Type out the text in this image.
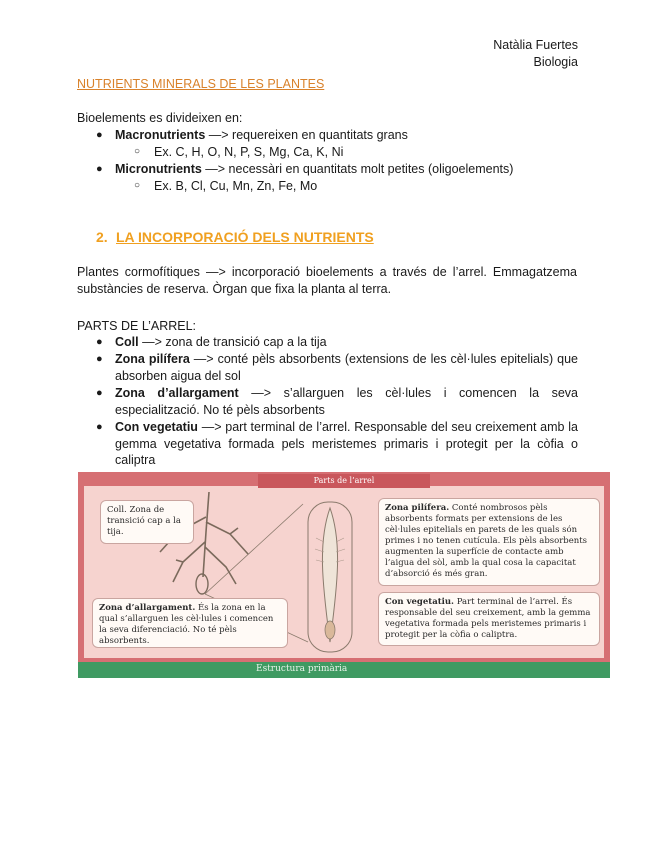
Natàlia Fuertes
Biologia
NUTRIENTS MINERALS DE LES PLANTES
Bioelements es divideixen en:
● Macronutrients —> requereixen en quantitats grans
○ Ex. C, H, O, N, P, S, Mg, Ca, K, Ni
● Micronutrients —> necessàri en quantitats molt petites (oligoelements)
○ Ex. B, Cl, Cu, Mn, Zn, Fe, Mo
2. LA INCORPORACIÓ DELS NUTRIENTS
Plantes cormofítiques —> incorporació bioelements a través de l’arrel. Emmagatzema substàncies de reserva. Òrgan que fixa la planta al terra.
PARTS DE L’ARREL:
● Coll —> zona de transició cap a la tija
● Zona pilífera —> conté pèls absorbents (extensions de les cèl·lules epitelials) que absorben aigua del sol
● Zona d’allargament —> s’allarguen les cèl·lules i comencen la seva especialització. No té pèls absorbents
● Con vegetatiu —> part terminal de l’arrel. Responsable del seu creixement amb la gemma vegetativa formada pels meristemes primaris i protegit per la còfia o caliptra
Parts de l’arrel
Coll. Zona de transició cap a la tija.
Zona d’allargament. És la zona en la qual s’allarguen les cèl·lules i comencen la seva diferenciació. No té pèls absorbents.
Zona pilífera. Conté nombrosos pèls absorbents formats per extensions de les cèl·lules epitelials en parets de les quals són primes i no tenen cutícula. Els pèls absorbents augmenten la superfície de contacte amb l’aigua del sòl, amb la qual cosa la capacitat d’absorció és més gran.
Con vegetatiu. Part terminal de l’arrel. És responsable del seu creixement, amb la gemma vegetativa formada pels meristemes primaris i protegit per la còfia o caliptra.
Estructura primària
